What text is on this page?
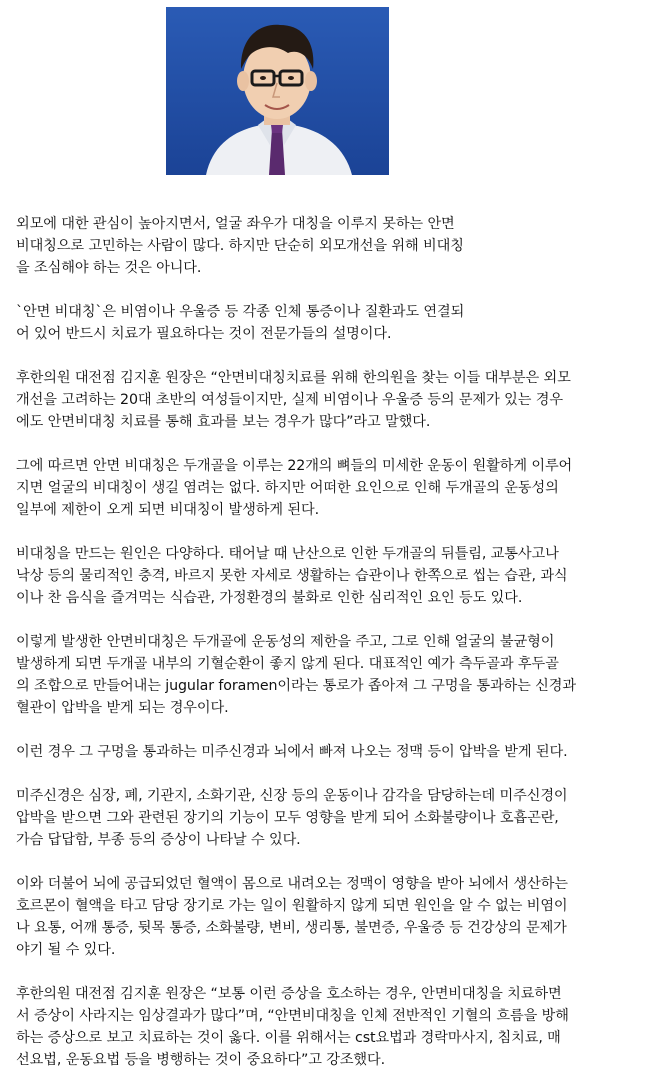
외모에 대한 관심이 높아지면서, 얼굴 좌우가 대칭을 이루지 못하는 안면
비대칭으로 고민하는 사람이 많다. 하지만 단순히 외모개선을 위해 비대칭
을 조심해야 하는 것은 아니다.

`안면 비대칭`은 비염이나 우울증 등 각종 인체 통증이나 질환과도 연결되
어 있어 반드시 치료가 필요하다는 것이 전문가들의 설명이다.

후한의원 대전점 김지훈 원장은 “안면비대칭치료를 위해 한의원을 찾는 이들 대부분은 외모
개선을 고려하는 20대 초반의 여성들이지만, 실제 비염이나 우울증 등의 문제가 있는 경우
에도 안면비대칭 치료를 통해 효과를 보는 경우가 많다”라고 말했다.

그에 따르면 안면 비대칭은 두개골을 이루는 22개의 뼈들의 미세한 운동이 원활하게 이루어
지면 얼굴의 비대칭이 생길 염려는 없다. 하지만 어떠한 요인으로 인해 두개골의 운동성의
일부에 제한이 오게 되면 비대칭이 발생하게 된다.

비대칭을 만드는 원인은 다양하다. 태어날 때 난산으로 인한 두개골의 뒤틀림, 교통사고나
낙상 등의 물리적인 충격, 바르지 못한 자세로 생활하는 습관이나 한쪽으로 씹는 습관, 과식
이나 찬 음식을 즐겨먹는 식습관, 가정환경의 불화로 인한 심리적인 요인 등도 있다.

이렇게 발생한 안면비대칭은 두개골에 운동성의 제한을 주고, 그로 인해 얼굴의 불균형이
발생하게 되면 두개골 내부의 기혈순환이 좋지 않게 된다. 대표적인 예가 측두골과 후두골
의 조합으로 만들어내는 jugular foramen이라는 통로가 좁아져 그 구멍을 통과하는 신경과
혈관이 압박을 받게 되는 경우이다.

이런 경우 그 구멍을 통과하는 미주신경과 뇌에서 빠져 나오는 정맥 등이 압박을 받게 된다.

미주신경은 심장, 폐, 기관지, 소화기관, 신장 등의 운동이나 감각을 담당하는데 미주신경이
압박을 받으면 그와 관련된 장기의 기능이 모두 영향을 받게 되어 소화불량이나 호흡곤란,
가슴 답답함, 부종 등의 증상이 나타날 수 있다.

이와 더불어 뇌에 공급되었던 혈액이 몸으로 내려오는 정맥이 영향을 받아 뇌에서 생산하는
호르몬이 혈액을 타고 담당 장기로 가는 일이 원활하지 않게 되면 원인을 알 수 없는 비염이
나 요통, 어깨 통증, 뒷목 통증, 소화불량, 변비, 생리통, 불면증, 우울증 등 건강상의 문제가
야기 될 수 있다.

후한의원 대전점 김지훈 원장은 “보통 이런 증상을 호소하는 경우, 안면비대칭을 치료하면
서 증상이 사라지는 임상결과가 많다”며, “안면비대칭을 인체 전반적인 기혈의 흐름을 방해
하는 증상으로 보고 치료하는 것이 옳다. 이를 위해서는 cst요법과 경락마사지, 침치료, 매
선요법, 운동요법 등을 병행하는 것이 중요하다”고 강조했다.
